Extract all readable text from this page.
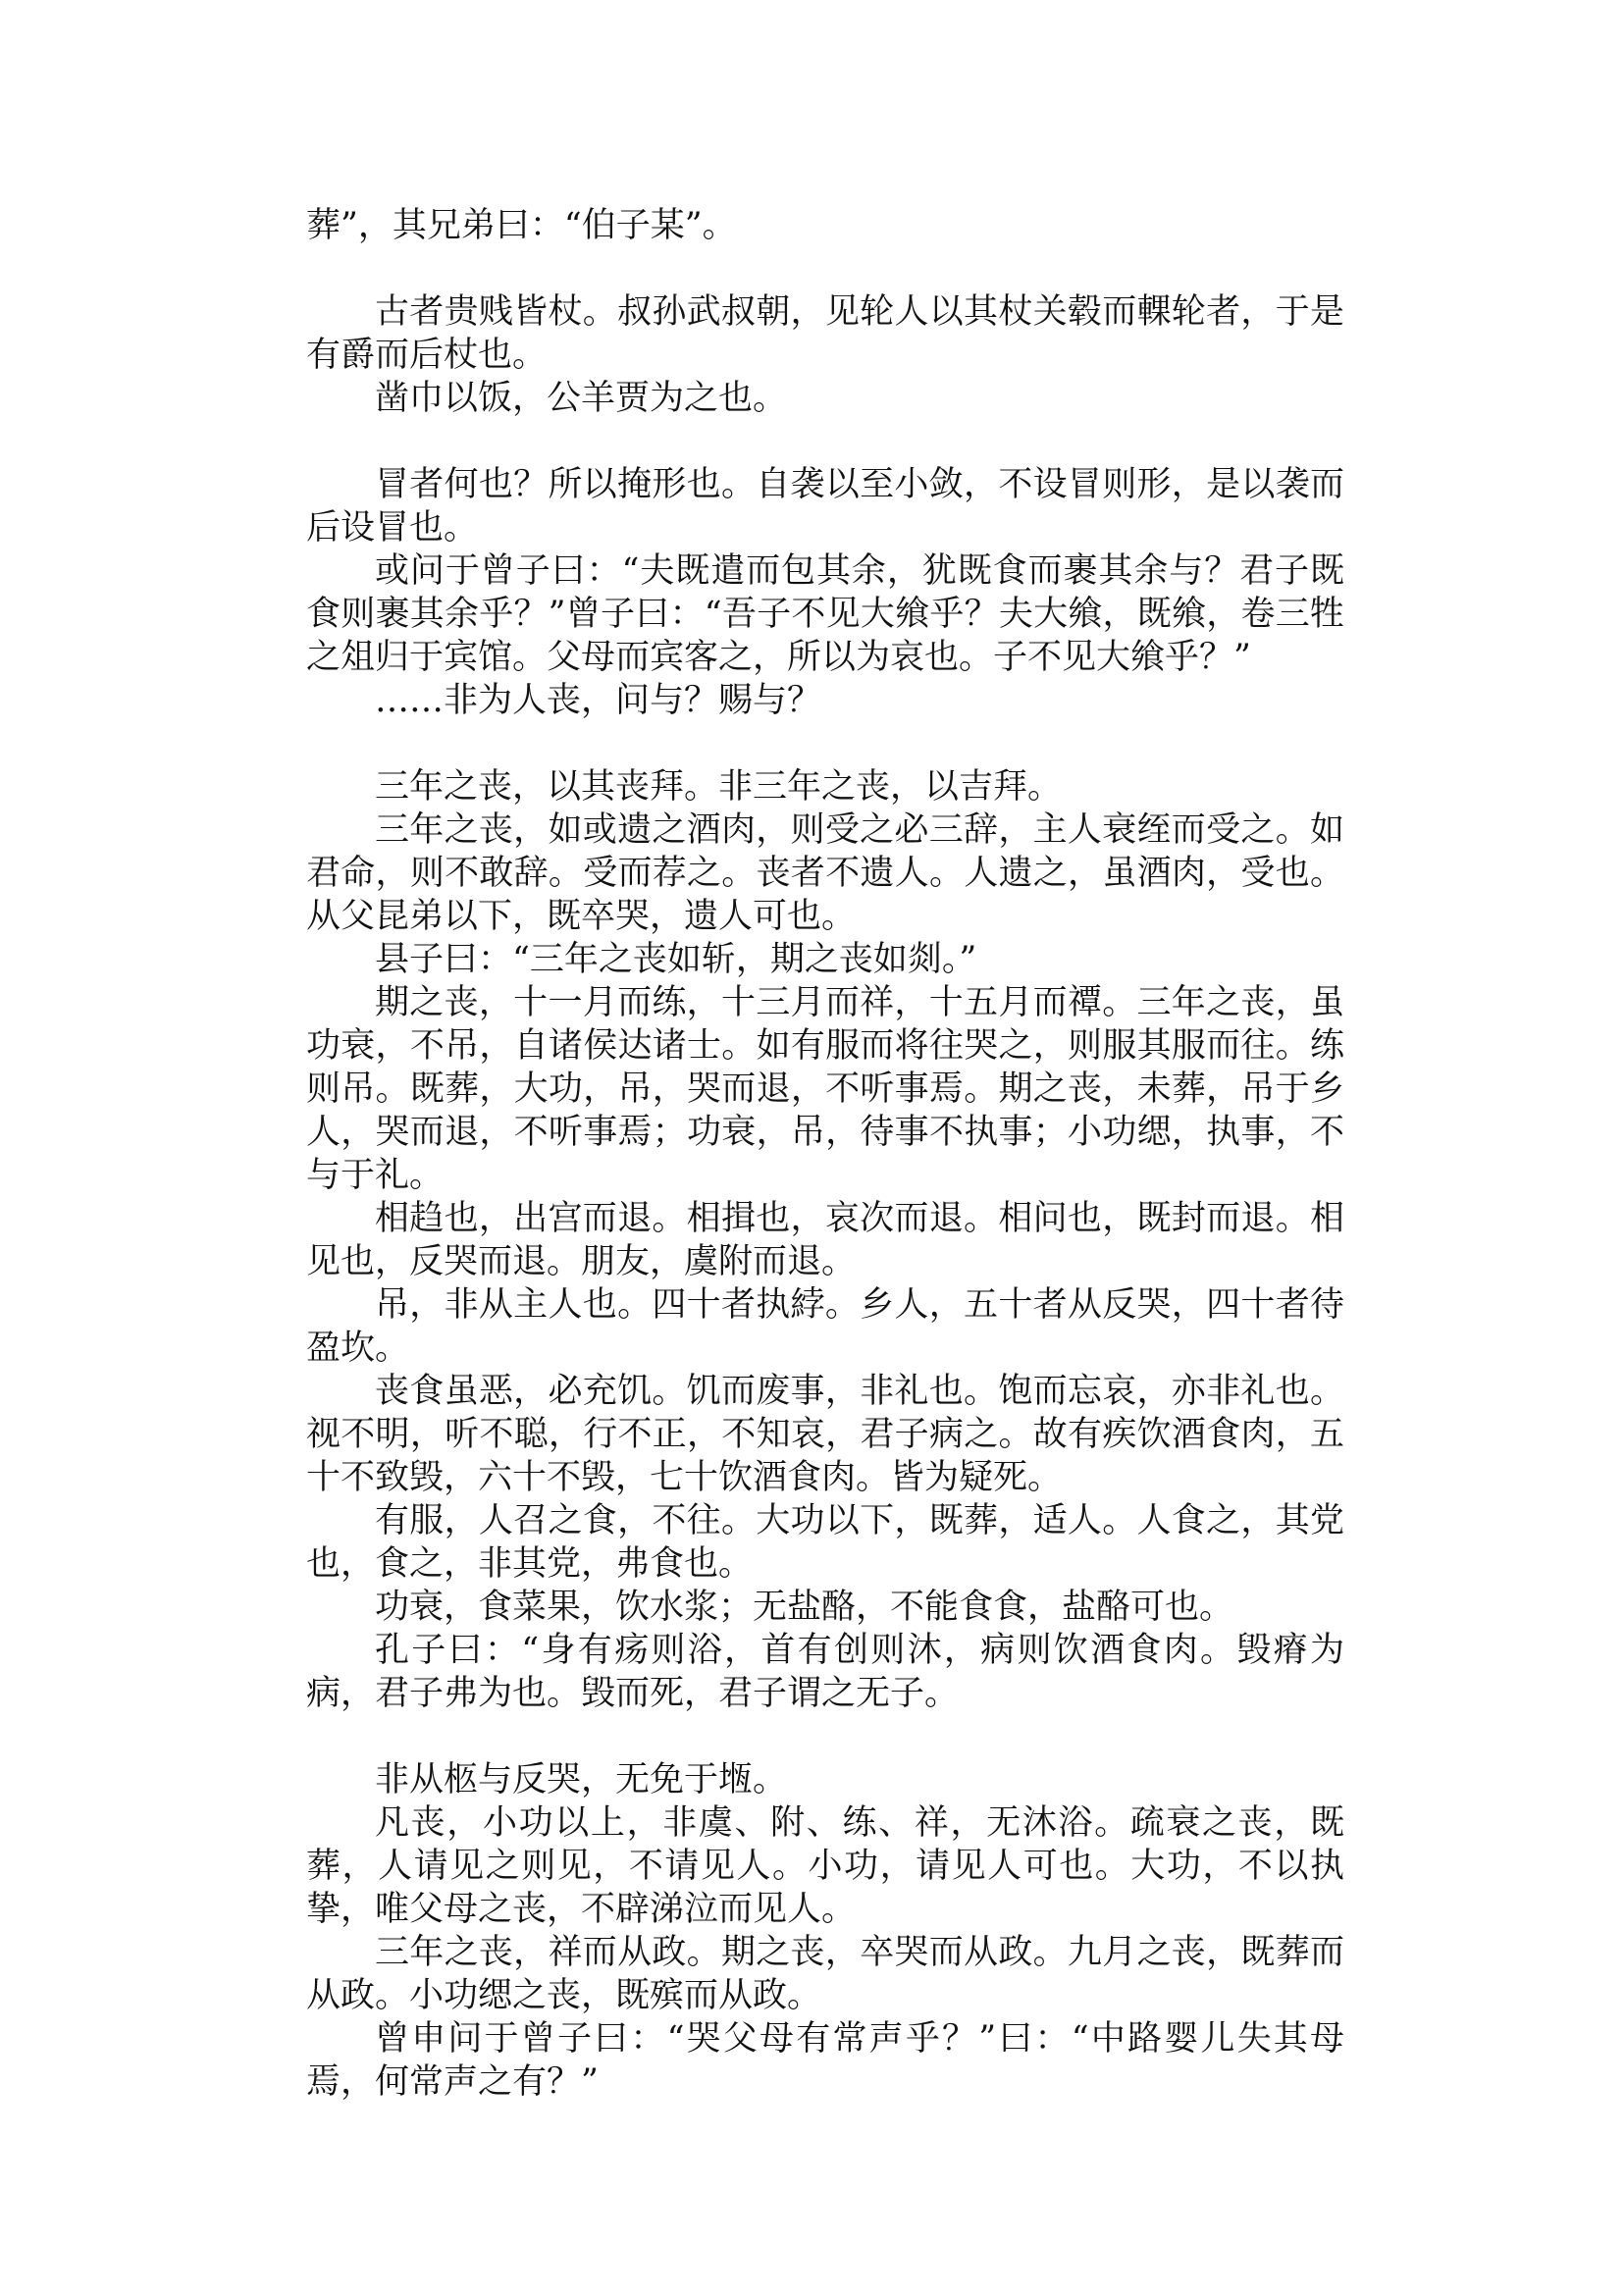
葬”，其兄弟曰：“伯子某”。

古者贵贱皆杖。叔孙武叔朝，见轮人以其杖关毂而輠轮者，于是有爵而后杖也。

凿巾以饭，公羊贾为之也。

冒者何也？所以掩形也。自袭以至小敛，不设冒则形，是以袭而后设冒也。

或问于曾子曰：“夫既遣而包其余，犹既食而裹其余与？君子既食则裹其余乎？”曾子曰：“吾子不见大飨乎？夫大飨，既飨，卷三牲之俎归于宾馆。父母而宾客之，所以为哀也。子不见大飨乎？”

……非为人丧，问与？赐与？

三年之丧，以其丧拜。非三年之丧，以吉拜。

三年之丧，如或遗之酒肉，则受之必三辞，主人衰绖而受之。如君命，则不敢辞。受而荐之。丧者不遗人。人遗之，虽酒肉，受也。从父昆弟以下，既卒哭，遗人可也。

县子曰：“三年之丧如斩，期之丧如剡。”

期之丧，十一月而练，十三月而祥，十五月而禫。三年之丧，虽功衰，不吊，自诸侯达诸士。如有服而将往哭之，则服其服而往。练则吊。既葬，大功，吊，哭而退，不听事焉。期之丧，未葬，吊于乡人，哭而退，不听事焉；功衰，吊，待事不执事；小功缌，执事，不与于礼。

相趋也，出宫而退。相揖也，哀次而退。相问也，既封而退。相见也，反哭而退。朋友，虞附而退。

吊，非从主人也。四十者执綍。乡人，五十者从反哭，四十者待盈坎。

丧食虽恶，必充饥。饥而废事，非礼也。饱而忘哀，亦非礼也。视不明，听不聪，行不正，不知哀，君子病之。故有疾饮酒食肉，五十不致毁，六十不毁，七十饮酒食肉。皆为疑死。

有服，人召之食，不往。大功以下，既葬，适人。人食之，其党也，食之，非其党，弗食也。

功衰，食菜果，饮水浆；无盐酪，不能食食，盐酪可也。

孔子曰：“身有疡则浴，首有创则沐，病则饮酒食肉。毁瘠为病，君子弗为也。毁而死，君子谓之无子。

非从柩与反哭，无免于堩。

凡丧，小功以上，非虞、附、练、祥，无沐浴。疏衰之丧，既葬，人请见之则见，不请见人。小功，请见人可也。大功，不以执挚，唯父母之丧，不辟涕泣而见人。

三年之丧，祥而从政。期之丧，卒哭而从政。九月之丧，既葬而从政。小功缌之丧，既殡而从政。

曾申问于曾子曰：“哭父母有常声乎？”曰：“中路婴儿失其母焉，何常声之有？”
